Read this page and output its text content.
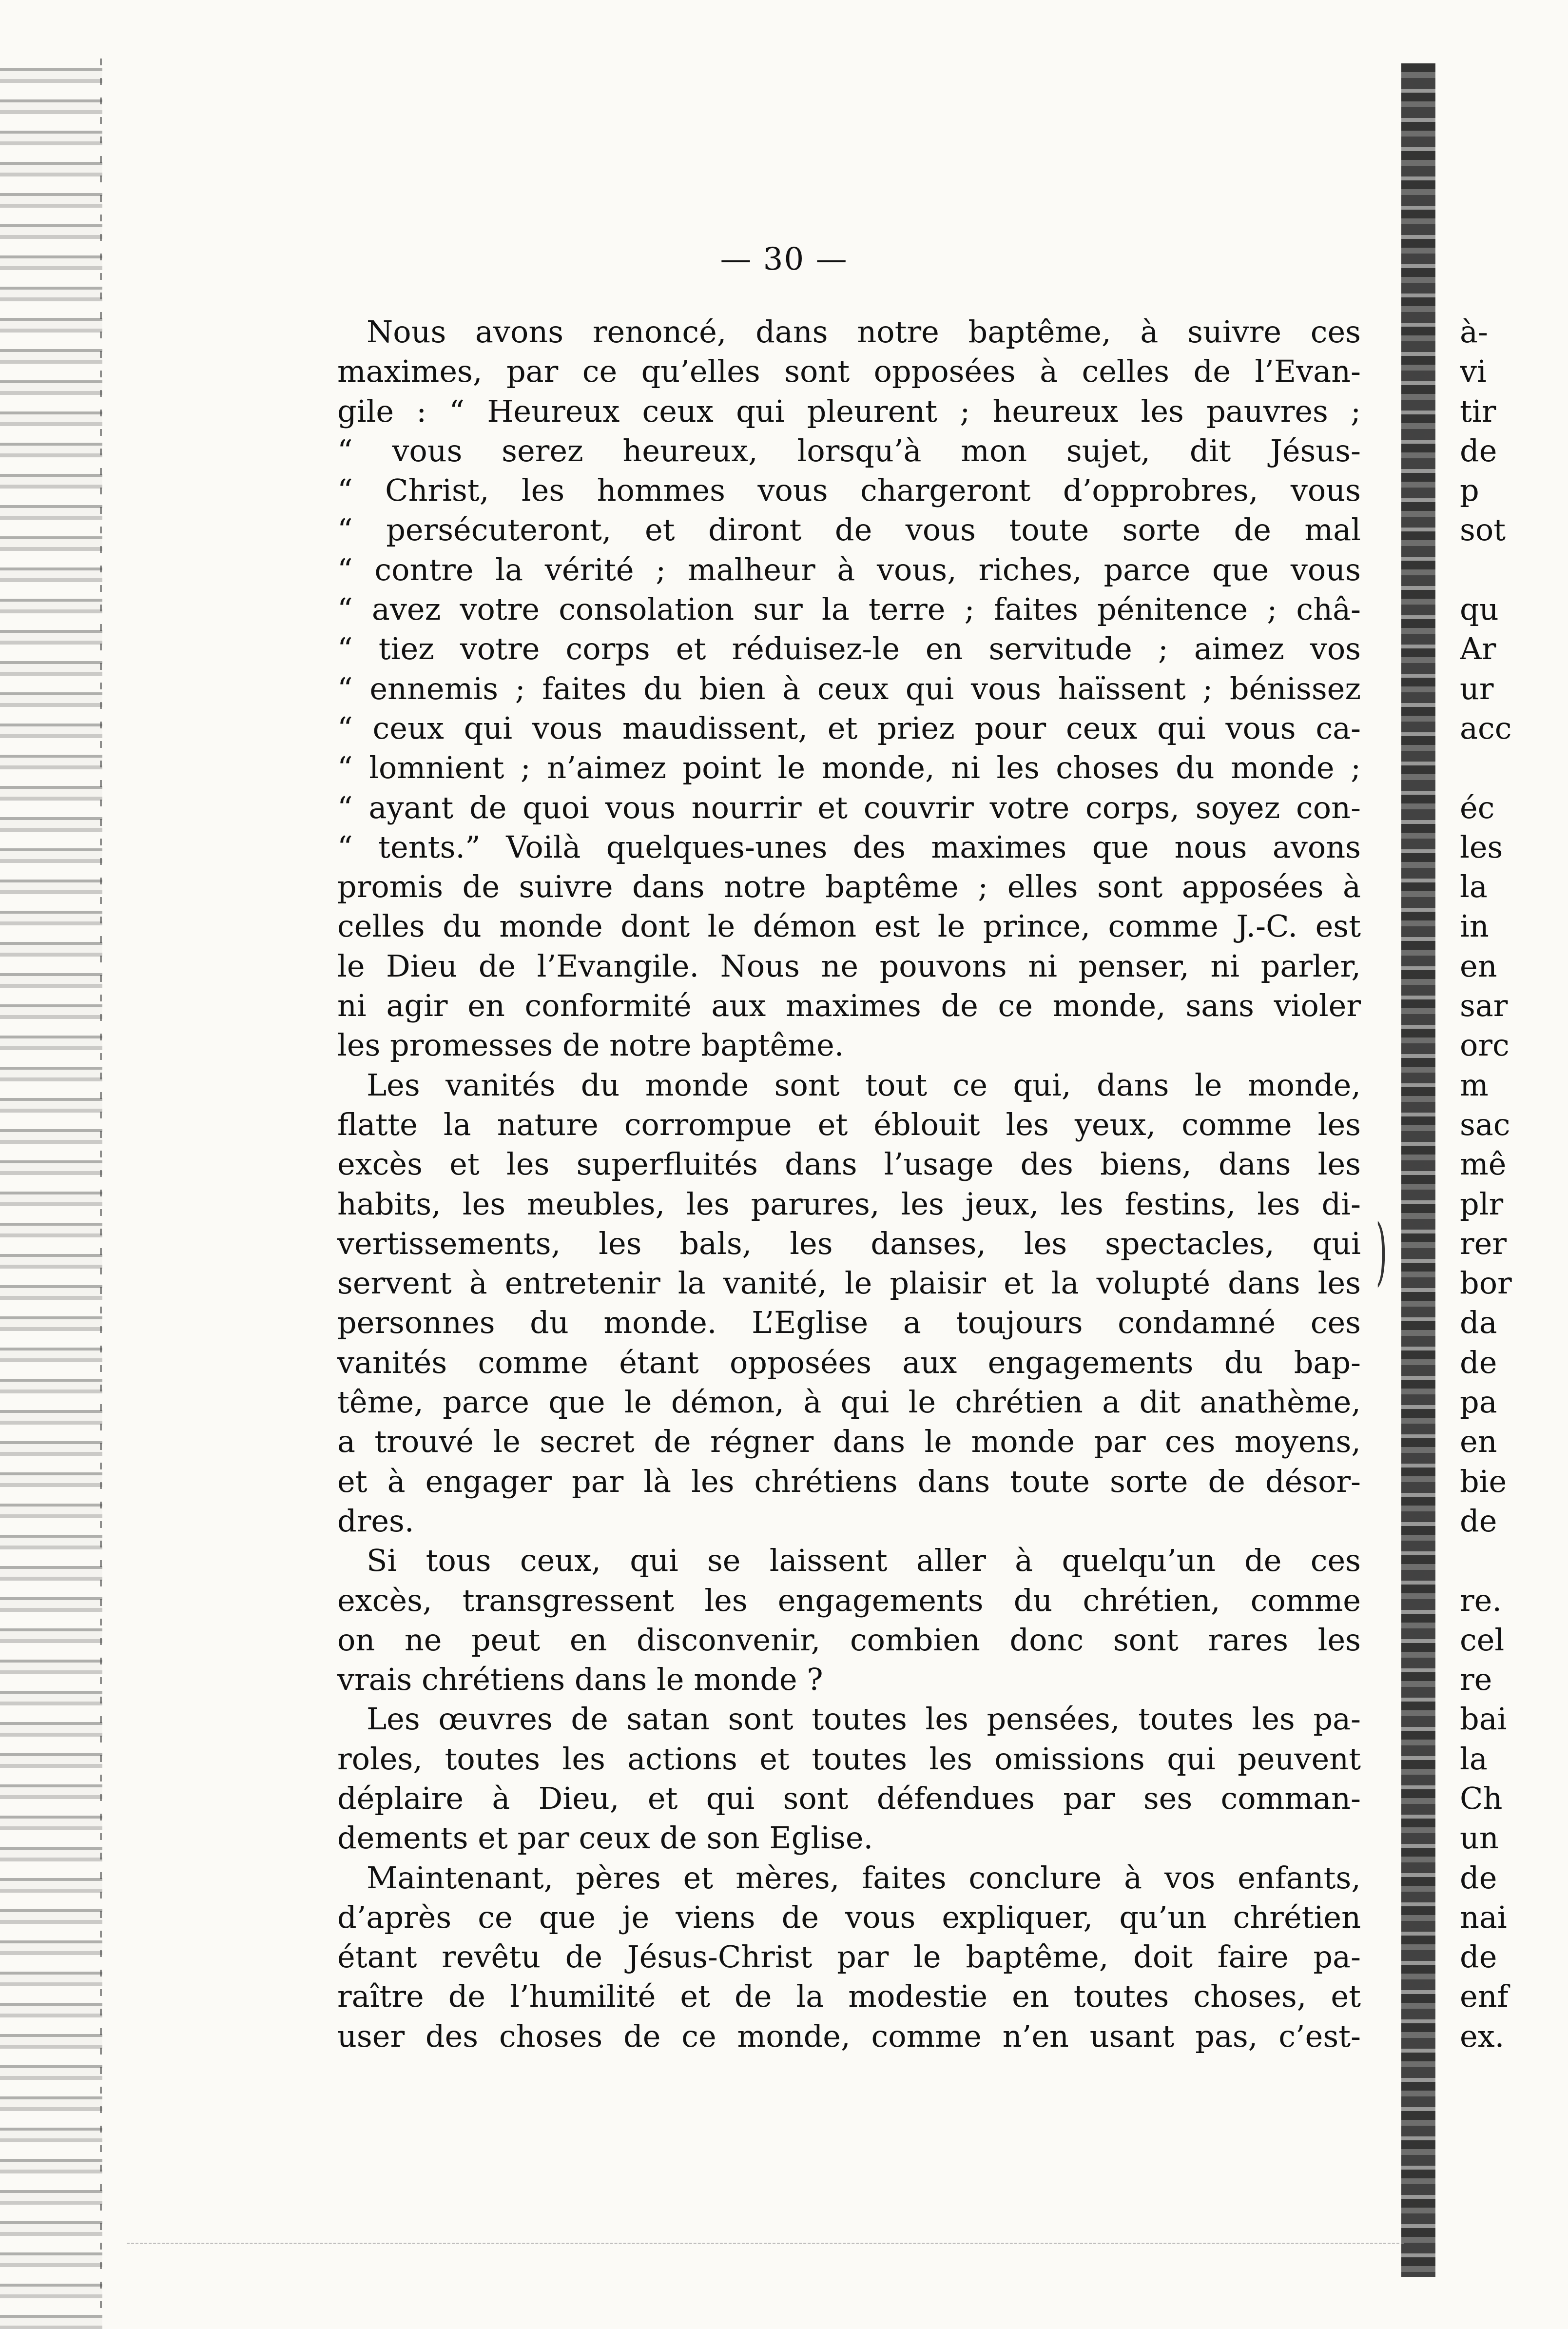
— 30 —
Nous avons renoncé, dans notre baptême, à suivre ces
maximes, par ce qu’elles sont opposées à celles de l’Evan-
gile : “ Heureux ceux qui pleurent ; heureux les pauvres ;
“ vous serez heureux, lorsqu’à mon sujet, dit Jésus-
“ Christ, les hommes vous chargeront d’opprobres, vous
“ persécuteront, et diront de vous toute sorte de mal
“ contre la vérité ; malheur à vous, riches, parce que vous
“ avez votre consolation sur la terre ; faites pénitence ; châ-
“ tiez votre corps et réduisez-le en servitude ; aimez vos
“ ennemis ; faites du bien à ceux qui vous haïssent ; bénissez
“ ceux qui vous maudissent, et priez pour ceux qui vous ca-
“ lomnient ; n’aimez point le monde, ni les choses du monde ;
“ ayant de quoi vous nourrir et couvrir votre corps, soyez con-
“ tents.” Voilà quelques-unes des maximes que nous avons
promis de suivre dans notre baptême ; elles sont apposées à
celles du monde dont le démon est le prince, comme J.-C. est
le Dieu de l’Evangile. Nous ne pouvons ni penser, ni parler,
ni agir en conformité aux maximes de ce monde, sans violer
les promesses de notre baptême.
Les vanités du monde sont tout ce qui, dans le monde,
flatte la nature corrompue et éblouit les yeux, comme les
excès et les superfluités dans l’usage des biens, dans les
habits, les meubles, les parures, les jeux, les festins, les di-
vertissements, les bals, les danses, les spectacles, qui
servent à entretenir la vanité, le plaisir et la volupté dans les
personnes du monde. L’Eglise a toujours condamné ces
vanités comme étant opposées aux engagements du bap-
tême, parce que le démon, à qui le chrétien a dit anathème,
a trouvé le secret de régner dans le monde par ces moyens,
et à engager par là les chrétiens dans toute sorte de désor-
dres.
Si tous ceux, qui se laissent aller à quelqu’un de ces
excès, transgressent les engagements du chrétien, comme
on ne peut en disconvenir, combien donc sont rares les
vrais chrétiens dans le monde ?
Les œuvres de satan sont toutes les pensées, toutes les pa-
roles, toutes les actions et toutes les omissions qui peuvent
déplaire à Dieu, et qui sont défendues par ses comman-
dements et par ceux de son Eglise.
Maintenant, pères et mères, faites conclure à vos enfants,
d’après ce que je viens de vous expliquer, qu’un chrétien
étant revêtu de Jésus-Christ par le baptême, doit faire pa-
raître de l’humilité et de la modestie en toutes choses, et
user des choses de ce monde, comme n’en usant pas, c’est-
à-
vi
tir
de
p
sot
qu
Ar
ur
acc
éc
les
la
in
en
sar
orc
m
sac
mê
plr
rer
bor
da
de
pa
en
bie
de
re.
cel
re
bai
la
Ch
un
de
nai
de
enf
ex.
)
